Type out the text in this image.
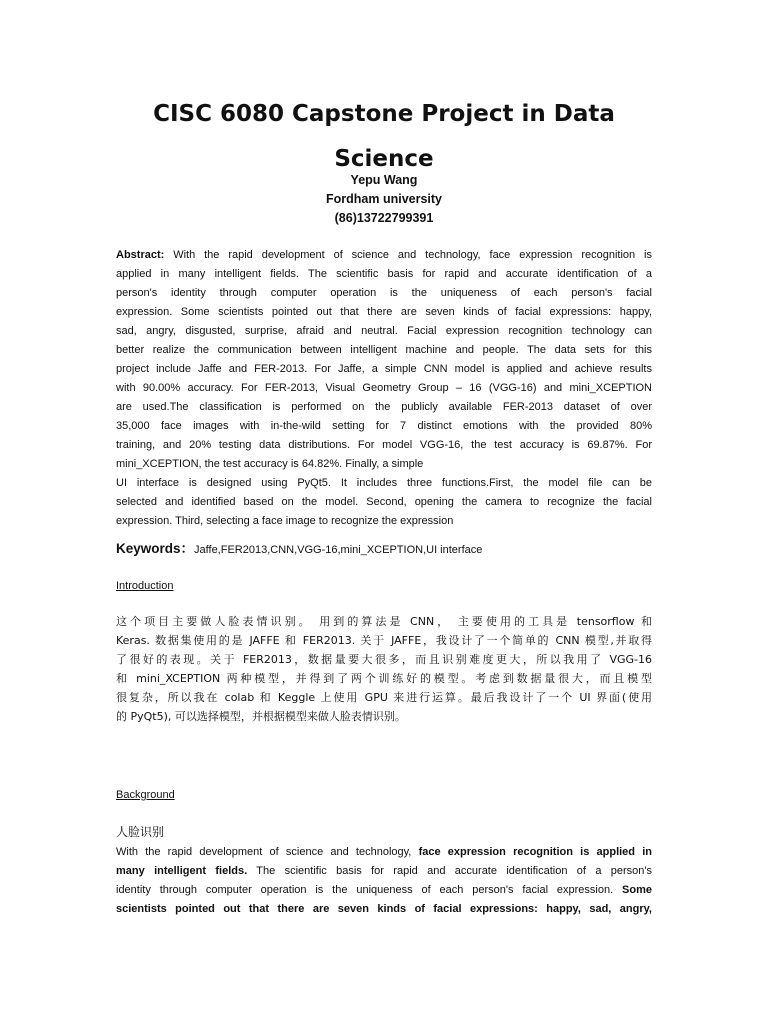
CISC 6080 Capstone Project in Data Science
Yepu Wang
Fordham university
(86)13722799391
Abstract: With the rapid development of science and technology, face expression recognition is
applied in many intelligent fields. The scientific basis for rapid and accurate identification of a
person's identity through computer operation is the uniqueness of each person's facial
expression. Some scientists pointed out that there are seven kinds of facial expressions: happy,
sad, angry, disgusted, surprise, afraid and neutral. Facial expression recognition technology can
better realize the communication between intelligent machine and people. The data sets for this
project include Jaffe and FER-2013. For Jaffe, a simple CNN model is applied and achieve results
with 90.00% accuracy. For FER-2013, Visual Geometry Group – 16 (VGG-16) and mini_XCEPTION
are used.The classification is performed on the publicly available FER-2013 dataset of over
35,000 face images with in-the-wild setting for 7 distinct emotions with the provided 80%
training, and 20% testing data distributions. For model VGG-16, the test accuracy is 69.87%. For
mini_XCEPTION, the test accuracy is 64.82%. Finally, a simple
UI interface is designed using PyQt5. It includes three functions.First, the model file can be
selected and identified based on the model. Second, opening the camera to recognize the facial
expression. Third, selecting a face image to recognize the expression
Keywords：Jaffe,FER2013,CNN,VGG-16,mini_XCEPTION,UI interface
Introduction
这个项目主要做人脸表情识别。 用到的算法是 CNN， 主要使用的工具是 tensorflow 和
Keras. 数据集使用的是 JAFFE 和 FER2013. 关于 JAFFE，我设计了一个简单的 CNN 模型,并取得
了很好的表现。关于 FER2013，数据量要大很多，而且识别难度更大，所以我用了 VGG-16
和 mini_XCEPTION 两种模型，并得到了两个训练好的模型。考虑到数据量很大，而且模型
很复杂，所以我在 colab 和 Keggle 上使用 GPU 来进行运算。最后我设计了一个 UI 界面(使用
的 PyQt5), 可以选择模型，并根据模型来做人脸表情识别。
Background
人脸识别
With the rapid development of science and technology, face expression recognition is applied in
many intelligent fields. The scientific basis for rapid and accurate identification of a person's
identity through computer operation is the uniqueness of each person's facial expression. Some
scientists pointed out that there are seven kinds of facial expressions: happy, sad, angry,
